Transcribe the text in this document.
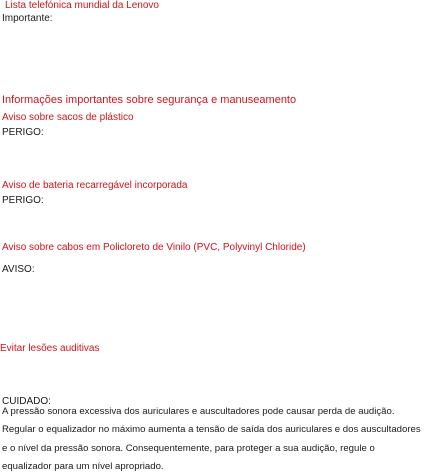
Lista telefónica mundial da Lenovo
Importante:
Informações importantes sobre segurança e manuseamento
Aviso sobre sacos de plástico
PERIGO:
Aviso de bateria recarregável incorporada
PERIGO:
Aviso sobre cabos em Policloreto de Vinilo (PVC, Polyvinyl Chloride)
AVISO:
Evitar lesões auditivas
CUIDADO:
A pressão sonora excessiva dos auriculares e auscultadores pode causar perda de audição. Regular o equalizador no máximo aumenta a tensão de saída dos auriculares e dos auscultadores e o nível da pressão sonora. Consequentemente, para proteger a sua audição, regule o equalizador para um nível apropriado.
